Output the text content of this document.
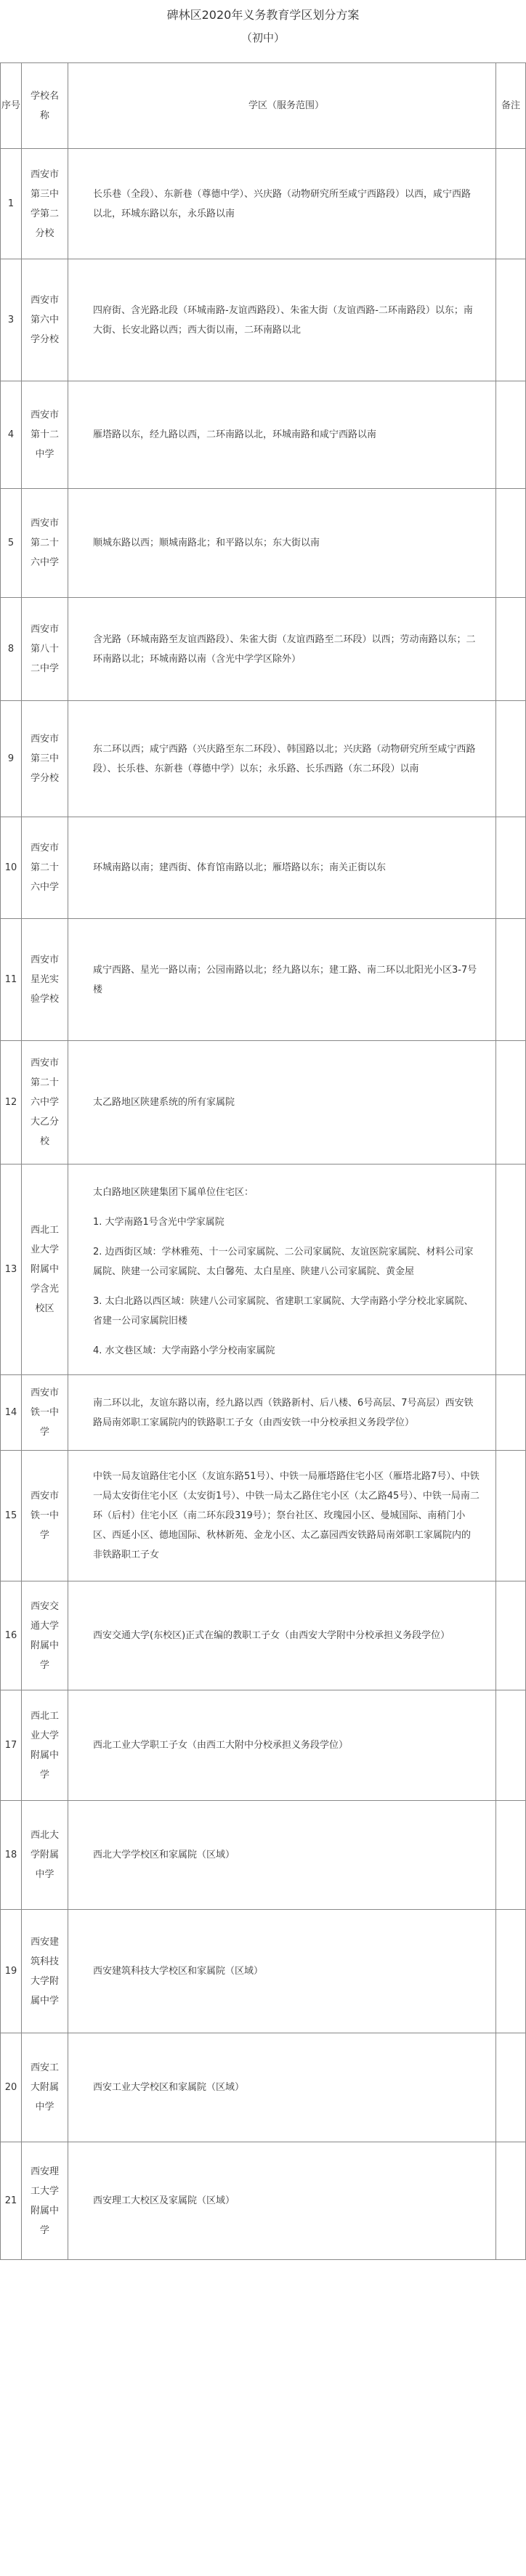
碑林区2020年义务教育学区划分方案
（初中）
序号	学校名称	学区（服务范围）	备注
1	西安市第三中学第二分校	长乐巷（全段）、东新巷（尊德中学）、兴庆路（动物研究所至咸宁西路段）以西，咸宁西路以北，环城东路以东，永乐路以南	

3	西安市第六中学分校	四府街、含光路北段（环城南路-友谊西路段）、朱雀大街（友谊西路-二环南路段）以东；南大街、长安北路以西；西大街以南，二环南路以北	

4	西安市第十二中学	雁塔路以东，经九路以西，二环南路以北，环城南路和咸宁西路以南	

5	西安市第二十六中学	顺城东路以西；顺城南路北；和平路以东；东大街以南	

8	西安市第八十二中学	含光路（环城南路至友谊西路段）、朱雀大街（友谊西路至二环段）以西；劳动南路以东；二环南路以北；环城南路以南（含光中学学区除外）	

9	西安市第三中学分校	东二环以西；咸宁西路（兴庆路至东二环段）、韩国路以北；兴庆路（动物研究所至咸宁西路段）、长乐巷、东新巷（尊德中学）以东；永乐路、长乐西路（东二环段）以南	

10	西安市第二十六中学	环城南路以南；建西街、体育馆南路以北；雁塔路以东；南关正街以东	

11	西安市星光实验学校	咸宁西路、星光一路以南；公园南路以北；经九路以东；建工路、南二环以北阳光小区3-7号楼	

12	西安市第二十六中学大乙分校	太乙路地区陕建系统的所有家属院	

13	西北工业大学附属中学含光校区	太白路地区陕建集团下属单位住宅区：
1. 大学南路1号含光中学家属院
2. 边西街区域：学林雅苑、十一公司家属院、二公司家属院、友谊医院家属院、材料公司家属院、陕建一公司家属院、太白馨苑、太白星座、陕建八公司家属院、黄金屋
3. 太白北路以西区域：陕建八公司家属院、省建职工家属院、大学南路小学分校北家属院、省建一公司家属院旧楼
4. 水文巷区域：大学南路小学分校南家属院	

14	西安市铁一中学	南二环以北，友谊东路以南，经九路以西（铁路新村、后八楼、6号高层、7号高层）西安铁路局南郊职工家属院内的铁路职工子女（由西安铁一中分校承担义务段学位）	

15	西安市铁一中学	中铁一局友谊路住宅小区（友谊东路51号）、中铁一局雁塔路住宅小区（雁塔北路7号）、中铁一局太安街住宅小区（太安街1号）、中铁一局太乙路住宅小区（太乙路45号）、中铁一局南二环（后村）住宅小区（南二环东段319号）；祭台社区、玫瑰园小区、曼城国际、南稍门小区、西延小区、德地国际、秋林新苑、金龙小区、太乙嘉园西安铁路局南郊职工家属院内的非铁路职工子女	

16	西安交通大学附属中学	西安交通大学(东校区)正式在编的教职工子女（由西安大学附中分校承担义务段学位）	

17	西北工业大学附属中学	西北工业大学职工子女（由西工大附中分校承担义务段学位）	

18	西北大学附属中学	西北大学学校区和家属院（区域）	

19	西安建筑科技大学附属中学	西安建筑科技大学校区和家属院（区域）	

20	西安工大附属中学	西安工业大学校区和家属院（区域）	

21	西安理工大学附属中学	西安理工大校区及家属院（区域）	
